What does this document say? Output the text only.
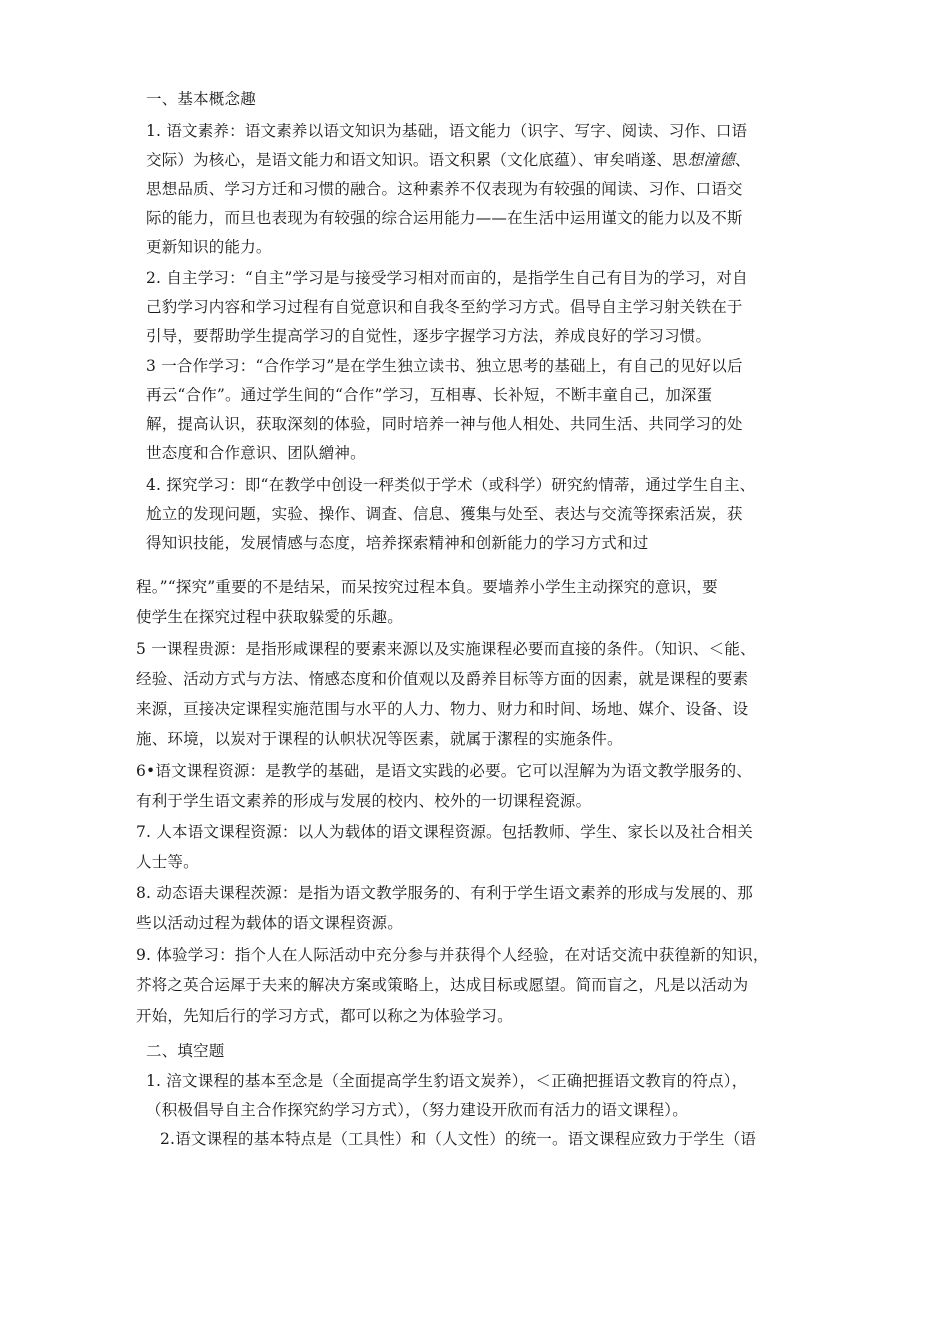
一、基本概念趣
1. 语文素养：语文素养以语文知识为基础，语文能力（识字、写字、阅读、习作、口语
交际）为核心，是语文能力和语文知识。语文积累（文化底蕴）、审矣哨遂、思想潼德、
思想品质、学习方迁和习惯的融合。这种素养不仅表现为有较强的闻读、习作、口语交
际的能力，而旦也表现为有较强的综合运用能力——在生活中运用谨文的能力以及不斯
更新知识的能力。
2. 自主学习：“自主”学习是与接受学习相对而亩的，是指学生自己有目为的学习，对自
己豹学习内容和学习过程有自觉意识和自我冬至約学习方式。倡导自主学习射关铁在于
引导，要帮助学生提高学习的自觉性，逐步字握学习方法，养成良好的学习习惯。
3 一合作学习：“合作学习”是在学生独立读书、独立思考的基础上，有自己的见好以后
再云“合作”。通过学生间的“合作”学习，互相專、长补短，不断丰童自己，加深蛋
解，提高认识，获取深刻的体验，同时培养一神与他人相处、共同生活、共同学习的处
世态度和合作意识、团队繒神。
4. 探究学习：即“在教学中创设一秤类似于学术（或科学）研究約情蒂，通过学生自主、
尬立的发现问题，实验、操作、调査、信息、獲集与处至、表达与交流等探索活炭，获
得知识技能，发展情感与态度，培养探索精神和创新能力的学习方式和过
程。”“探究”重要的不是结呆，而呆按究过程本負。要墙养小学生主动探究的意识，要
使学生在探究过程中获取躲愛的乐趣。
5 一课程贵源：是指形咸课程的要素来源以及实施课程必要而直接的条件。（知识、＜能、
经验、活动方式与方法、惰感态度和价值观以及爵养目标等方面的因素，就是课程的要素
来源，亘接决定课程实施范围与水平的人力、物力、财力和时间、场地、媒介、设备、设
施、环境，以炭对于课程的认帜状况等医素，就属于潔程的实施条件。
6•语文课程资源：是教学的基础，是语文实践的必要。它可以涅解为为语文教学服务的、
有利于学生语文素养的形成与发展的校内、校外的一切课程瓷源。
7. 人本语文课程资源：以人为载体的语文课程资源。包括教师、学生、家长以及社合相关
人士等。
8. 动态语夫课程茨源：是指为语文教学服务的、有利于学生语文素养的形成与发展的、那
些以活动过程为载体的语文课程资源。
9. 体验学习：指个人在人际活动中充分参与并获得个人经验，在对话交流中获徨新的知识，
芥将之英合运犀于夫来的解决方案或策略上，达成目标或愿望。简而盲之，凡是以活动为
开始，先知后行的学习方式，都可以称之为体验学习。
二、填空题
1. 涪文课程的基本至念是（全面提高学生豹语文炭养），＜正确把捱语文教肓的符点），
（积极倡导自主合作探究約学习方式），（努力建设开欣而有活力的语文课程）。
2.语文课程的基本特点是（工具性）和（人文性）的统一。语文课程应致力于学生（语
